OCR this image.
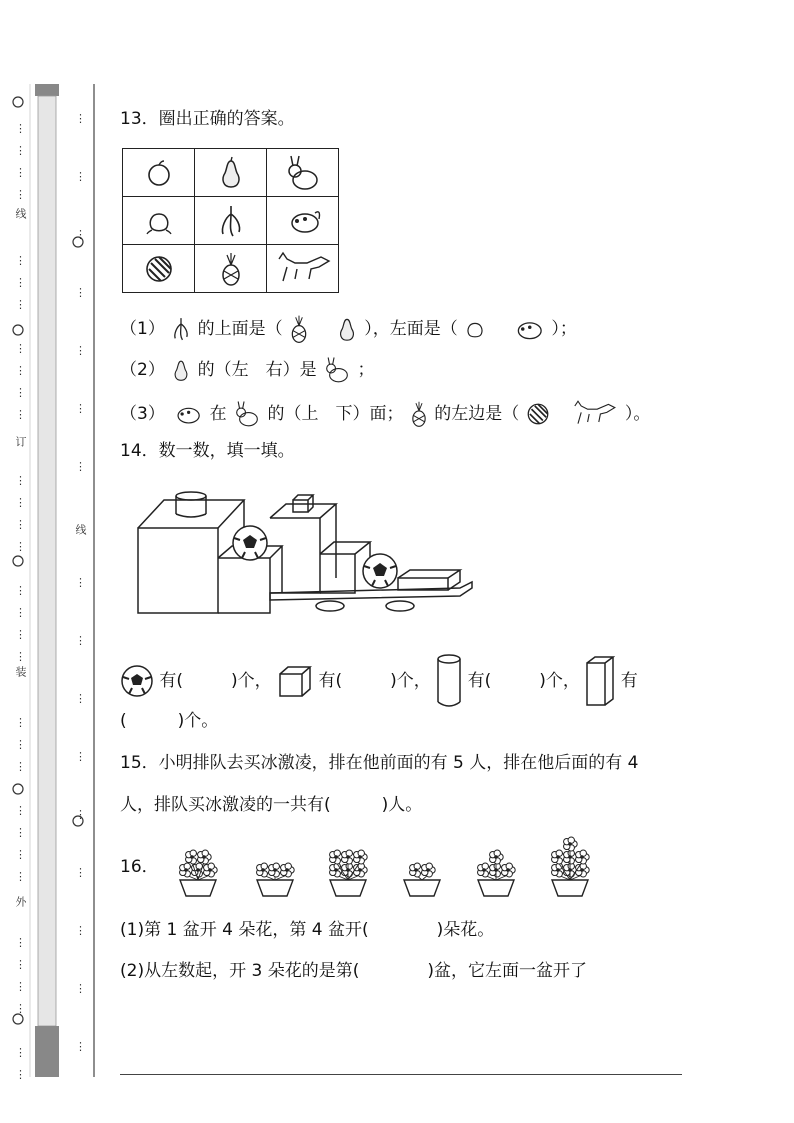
线
订
装
外
线
⋮
⋮
⋮
⋮
⋮
⋮
⋮
⋮
⋮
⋮
⋮
⋮
⋮
⋮
⋮
⋮
⋮
⋮
⋮
⋮
⋮
⋮
⋮
⋮
⋮
⋮
⋮
⋮
⋮
⋮
⋮
⋮
⋮
⋮
⋮
⋮
⋮
⋮
⋮
⋮
⋮
⋮
⋮
⋮
⋮
⋮
⋮
⋮
13．圈出正确的答案。

（1） 的上面是（	），左面是（	）；
（2） 的（左　右）是 ；
（3）	在 的（上　下）面； 的左边是（	）。
14．数一数，填一填。
有(	)个，	有(	)个， 有(	)个， 有
(　　　)个。
15．小明排队去买冰激凌，排在他前面的有 5 人，排在他后面的有 4
人，排队买冰激凌的一共有(　　　)人。
16．
(1)第 1 盆开 4 朵花，第 4 盆开(　　　　)朵花。
(2)从左数起，开 3 朵花的是第(　　　　)盆，它左面一盆开了
